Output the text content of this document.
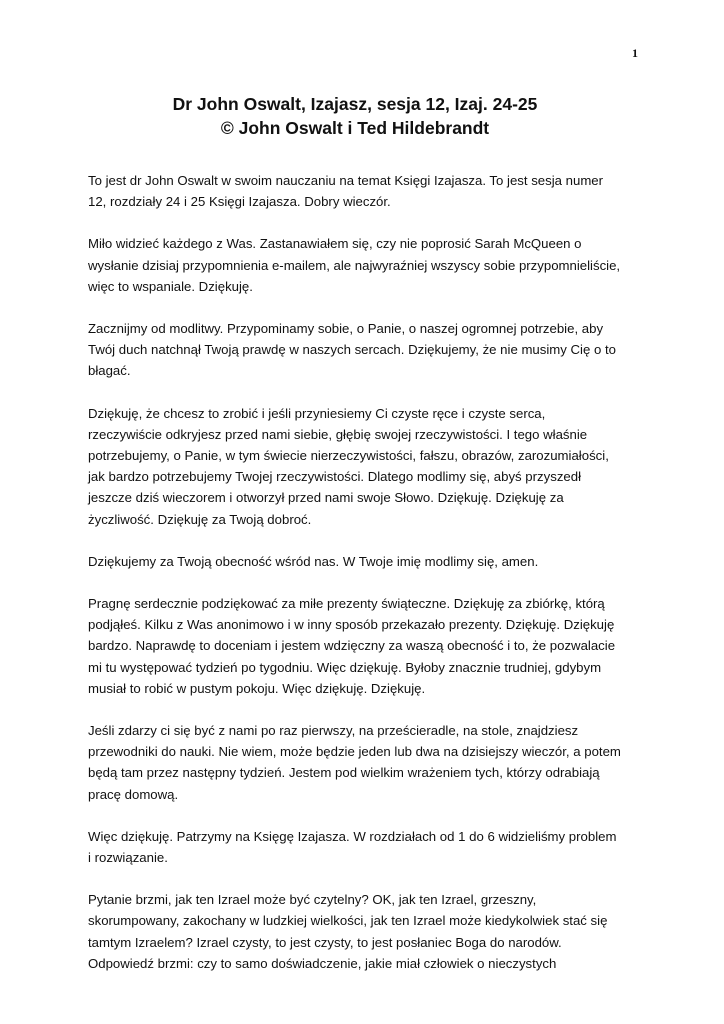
1
Dr John Oswalt, Izajasz, sesja 12, Izaj. 24-25
© John Oswalt i Ted Hildebrandt

To jest dr John Oswalt w swoim nauczaniu na temat Księgi Izajasza. To jest sesja numer 12, rozdziały 24 i 25 Księgi Izajasza. Dobry wieczór.

Miło widzieć każdego z Was. Zastanawiałem się, czy nie poprosić Sarah McQueen o wysłanie dzisiaj przypomnienia e-mailem, ale najwyraźniej wszyscy sobie przypomnieliście, więc to wspaniale. Dziękuję.

Zacznijmy od modlitwy. Przypominamy sobie, o Panie, o naszej ogromnej potrzebie, aby Twój duch natchnął Twoją prawdę w naszych sercach. Dziękujemy, że nie musimy Cię o to błagać.

Dziękuję, że chcesz to zrobić i jeśli przyniesiemy Ci czyste ręce i czyste serca, rzeczywiście odkryjesz przed nami siebie, głębię swojej rzeczywistości. I tego właśnie potrzebujemy, o Panie, w tym świecie nierzeczywistości, fałszu, obrazów, zarozumiałości, jak bardzo potrzebujemy Twojej rzeczywistości. Dlatego modlimy się, abyś przyszedł jeszcze dziś wieczorem i otworzył przed nami swoje Słowo. Dziękuję. Dziękuję za życzliwość. Dziękuję za Twoją dobroć.

Dziękujemy za Twoją obecność wśród nas. W Twoje imię modlimy się, amen.

Pragnę serdecznie podziękować za miłe prezenty świąteczne. Dziękuję za zbiórkę, którą podjąłeś. Kilku z Was anonimowo i w inny sposób przekazało prezenty. Dziękuję. Dziękuję bardzo. Naprawdę to doceniam i jestem wdzięczny za waszą obecność i to, że pozwalacie mi tu występować tydzień po tygodniu. Więc dziękuję. Byłoby znacznie trudniej, gdybym musiał to robić w pustym pokoju. Więc dziękuję. Dziękuję.

Jeśli zdarzy ci się być z nami po raz pierwszy, na prześcieradle, na stole, znajdziesz przewodniki do nauki. Nie wiem, może będzie jeden lub dwa na dzisiejszy wieczór, a potem będą tam przez następny tydzień. Jestem pod wielkim wrażeniem tych, którzy odrabiają pracę domową.

Więc dziękuję. Patrzymy na Księgę Izajasza. W rozdziałach od 1 do 6 widzieliśmy problem i rozwiązanie.

Pytanie brzmi, jak ten Izrael może być czytelny? OK, jak ten Izrael, grzeszny, skorumpowany, zakochany w ludzkiej wielkości, jak ten Izrael może kiedykolwiek stać się tamtym Izraelem? Izrael czysty, to jest czysty, to jest posłaniec Boga do narodów. Odpowiedź brzmi: czy to samo doświadczenie, jakie miał człowiek o nieczystych
